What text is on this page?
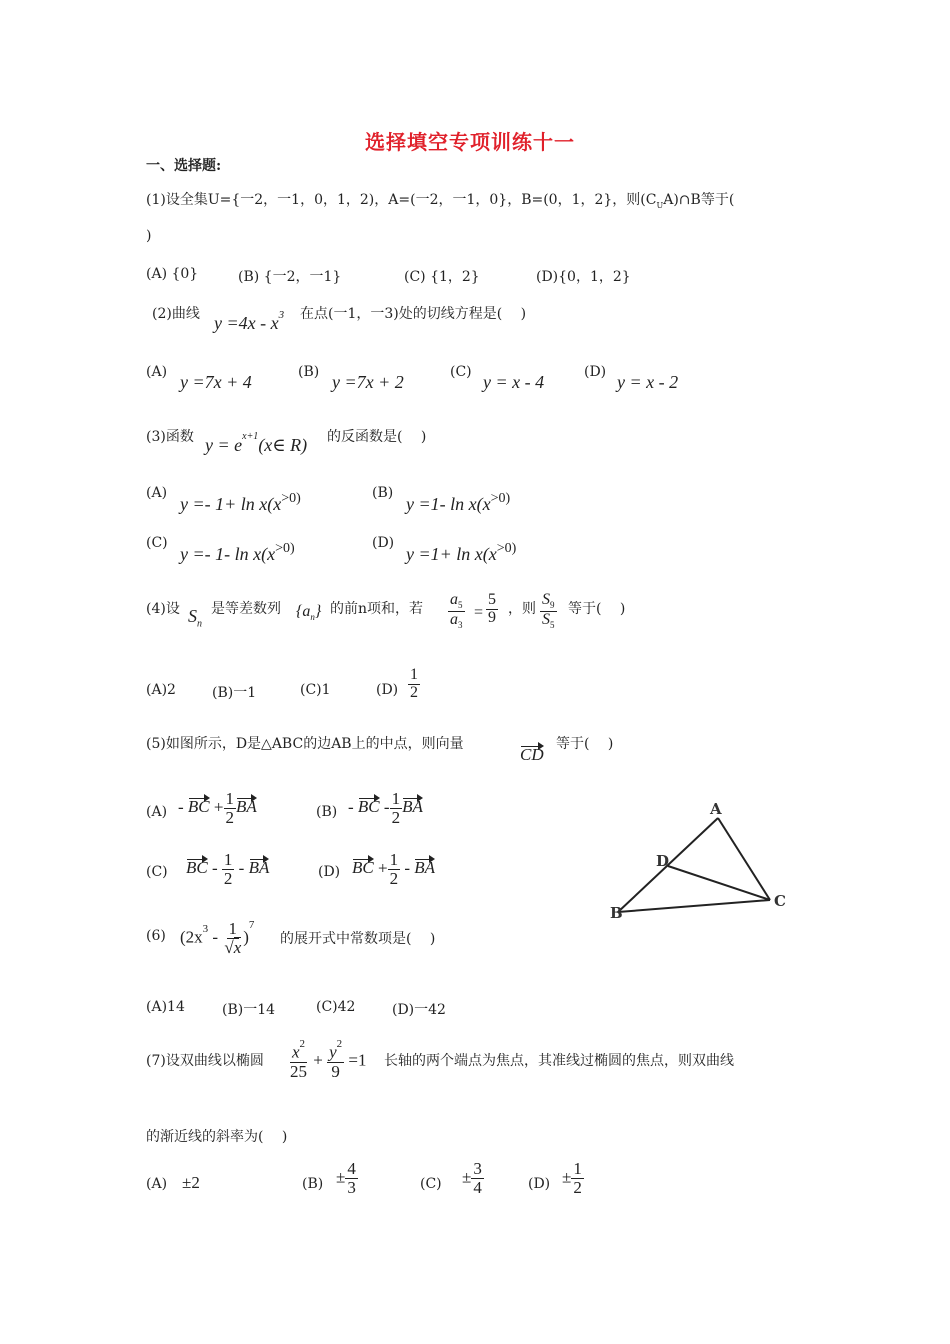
选择填空专项训练十一
一、选择题:
(1)设全集U={一2，一1，0，1，2)，A=(一2，一1，0}，B=(0，1，2}，则$(C_UA)\cap B$等于(
)
(A) {0}	(B) {一2，一1}	(C) {1，2}	(D){0，1，2}
(2)曲线 $y =4x - x^3$ 在点(一1，一3)处的切线方程是(　 )
(A) y =7x + 4	(B) y =7x + 2	(C) y = x - 4	(D) y = x - 2
(3)函数 $y = e^{x+1}(x\in$ R) 的反函数是(　 )
(A)
$y =- 1+ \ln x(x^{>0)}$	(B)
y =1- $\ln x(x^{>0)}$
(C)
y =- 1- $\ln x(x^{>0)}$	(D)
$y =1+ \ln x(x^{>0)}$
(4)设 $S_n$
是等差数列 $\{a_n\}$ 的前n项和，若 $\frac{a_5}{a_3} = \frac{5}{9}$ ，则 $\frac{S_9}{S_5}$ 等于(　 )
(A)2	(B)一1	(C)1	$(D) \frac{1}{2}$
(5)如图所示，D是△ABC的边AB上的中点，则向量
CD
等于(　 )
(A) - BC + $\frac{1}{2}$ BA	(B) - BC - $\frac{1}{2}$ BA
(C) BC - $\frac{1}{2}$ - BA	(D) BC + $\frac{1}{2}$ - BA
A
D
C
B
(6) $(2x^3 - \frac{1}{√x} )^7$
的展开式中常数项是(　 )
(A)14	(B)一14	(C)42	(D)一42
(7)设双曲线以椭圆 $\frac{x^2}{25} + \frac{y^2}{9} =1$ 长轴的两个端点为焦点，其准线过椭圆的焦点，则双曲线
的渐近线的斜率为(　 )
(A) ±2	$(B) \pm \frac{4}{3}$	$(C) \pm \frac{3}{4}$	$(D) \pm \frac{1}{2}$
